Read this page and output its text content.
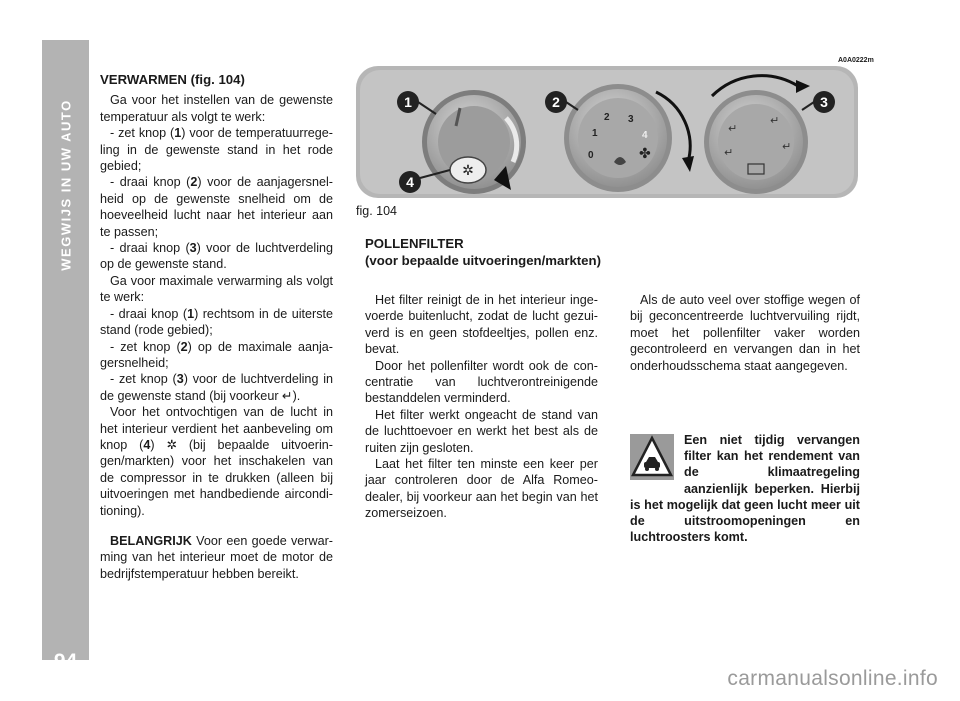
WEGWIJS IN UW AUTO
94

VERWARMEN (fig. 104)

Ga voor het instellen van de gewenste temperatuur als volgt te werk:

- zet knop (1) voor de temperatuurregeling in de gewenste stand in het rode gebied;

- draai knop (2) voor de aanjagersnelheid op de gewenste snelheid om de hoeveelheid lucht naar het interieur aan te passen;

- draai knop (3) voor de luchtverdeling op de gewenste stand.

Ga voor maximale verwarming als volgt te werk:

- draai knop (1) rechtsom in de uiterste stand (rode gebied);

- zet knop (2) op de maximale aanjagersnelheid;

- zet knop (3) voor de luchtverdeling in de gewenste stand (bij voorkeur ↵).

Voor het ontvochtigen van de lucht in het interieur verdient het aanbeveling om knop (4) ✲ (bij bepaalde uitvoeringen/markten) voor het inschakelen van de compressor in te drukken (alleen bij uitvoeringen met handbediende airconditioning).

BELANGRIJK Voor een goede verwarming van het interieur moet de motor de bedrijfstemperatuur hebben bereikt.

A0A0222m
✲
0
1
2 3
4
✤
↵
↵
↵	↵
1	2	3
4
fig. 104
POLLENFILTER
(voor bepaalde uitvoeringen/markten)

Het filter reinigt de in het interieur ingevoerde buitenlucht, zodat de lucht gezuiverd is en geen stofdeeltjes, pollen enz. bevat.

Door het pollenfilter wordt ook de concentratie van luchtverontreinigende bestanddelen verminderd.

Het filter werkt ongeacht de stand van de luchttoevoer en werkt het best als de ruiten zijn gesloten.

Laat het filter ten minste een keer per jaar controleren door de Alfa Romeo-dealer, bij voorkeur aan het begin van het zomerseizoen.

Als de auto veel over stoffige wegen of bij geconcentreerde luchtvervuiling rijdt, moet het pollenfilter vaker worden gecontroleerd en vervangen dan in het onderhoudsschema staat aangegeven.

Een niet tijdig vervangen filter kan het rendement van de klimaatregeling aanzienlijk beperken. Hierbij is het mogelijk dat geen lucht meer uit de uitstroomopeningen en luchtroosters komt.
carmanualsonline.info
